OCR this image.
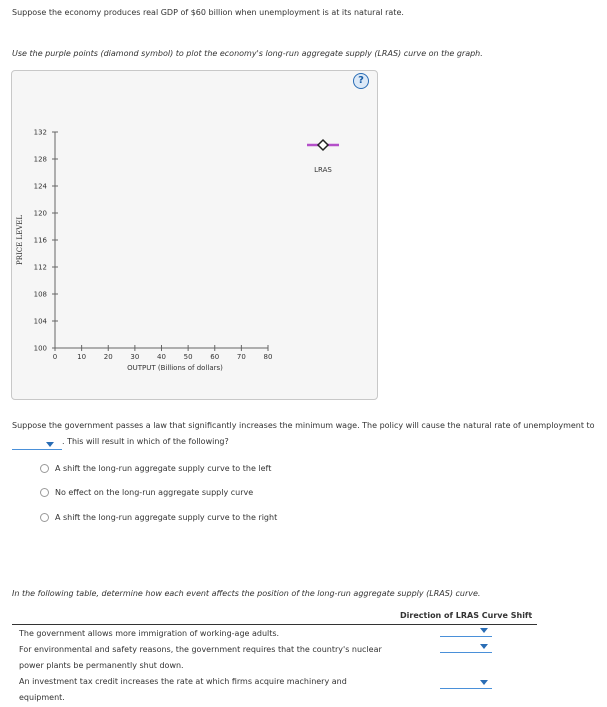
Suppose the economy produces real GDP of $60 billion when unemployment is at its natural rate.
Use the purple points (diamond symbol) to plot the economy's long-run aggregate supply (LRAS) curve on the graph.
?
132
128
124
120
116
112
108
104
100
0	10	20	30	40	50	60	70	80
PRICE LEVEL
OUTPUT (Billions of dollars)
LRAS
Suppose the government passes a law that significantly increases the minimum wage. The policy will cause the natural rate of unemployment to

. This will result in which of the following?
A shift the long-run aggregate supply curve to the left
No effect on the long-run aggregate supply curve
A shift the long-run aggregate supply curve to the right
In the following table, determine how each event affects the position of the long-run aggregate supply (LRAS) curve.
Direction of LRAS Curve Shift
The government allows more immigration of working-age adults.
For environmental and safety reasons, the government requires that the country's nuclear
power plants be permanently shut down.
An investment tax credit increases the rate at which firms acquire machinery and
equipment.
